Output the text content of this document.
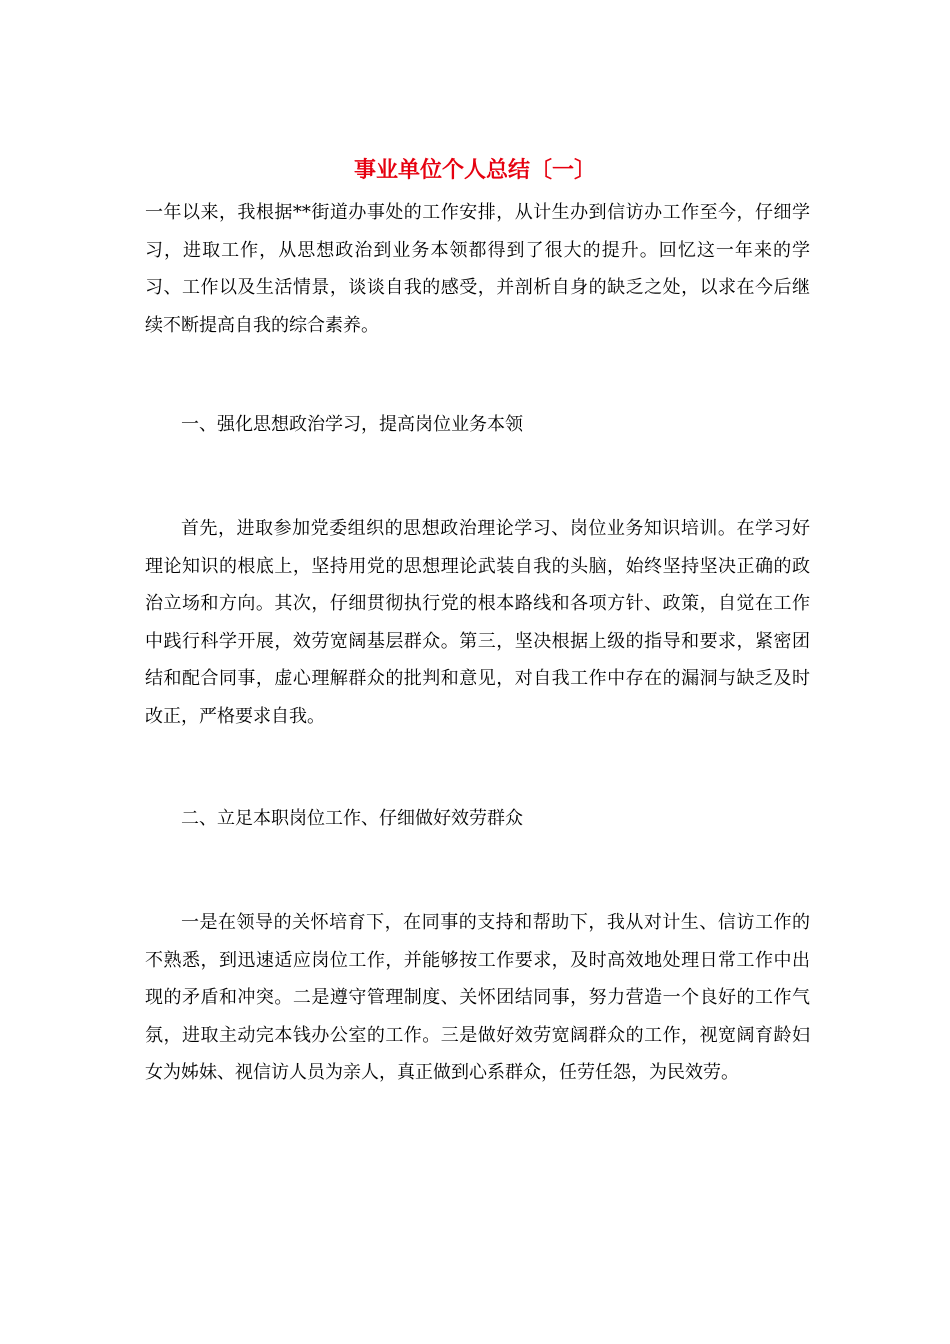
事业单位个人总结〔一〕

一年以来，我根据**街道办事处的工作安排，从计生办到信访办工作至今，仔细学习，进取工作，从思想政治到业务本领都得到了很大的提升。回忆这一年来的学习、工作以及生活情景，谈谈自我的感受，并剖析自身的缺乏之处，以求在今后继续不断提高自我的综合素养。

一、强化思想政治学习，提高岗位业务本领

首先，进取参加党委组织的思想政治理论学习、岗位业务知识培训。在学习好理论知识的根底上，坚持用党的思想理论武装自我的头脑，始终坚持坚决正确的政治立场和方向。其次，仔细贯彻执行党的根本路线和各项方针、政策，自觉在工作中践行科学开展，效劳宽阔基层群众。第三，坚决根据上级的指导和要求，紧密团结和配合同事，虚心理解群众的批判和意见，对自我工作中存在的漏洞与缺乏及时改正，严格要求自我。

二、立足本职岗位工作、仔细做好效劳群众

一是在领导的关怀培育下，在同事的支持和帮助下，我从对计生、信访工作的不熟悉，到迅速适应岗位工作，并能够按工作要求，及时高效地处理日常工作中出现的矛盾和冲突。二是遵守管理制度、关怀团结同事，努力营造一个良好的工作气氛，进取主动完本钱办公室的工作。三是做好效劳宽阔群众的工作，视宽阔育龄妇女为姊妹、视信访人员为亲人，真正做到心系群众，任劳任怨，为民效劳。
